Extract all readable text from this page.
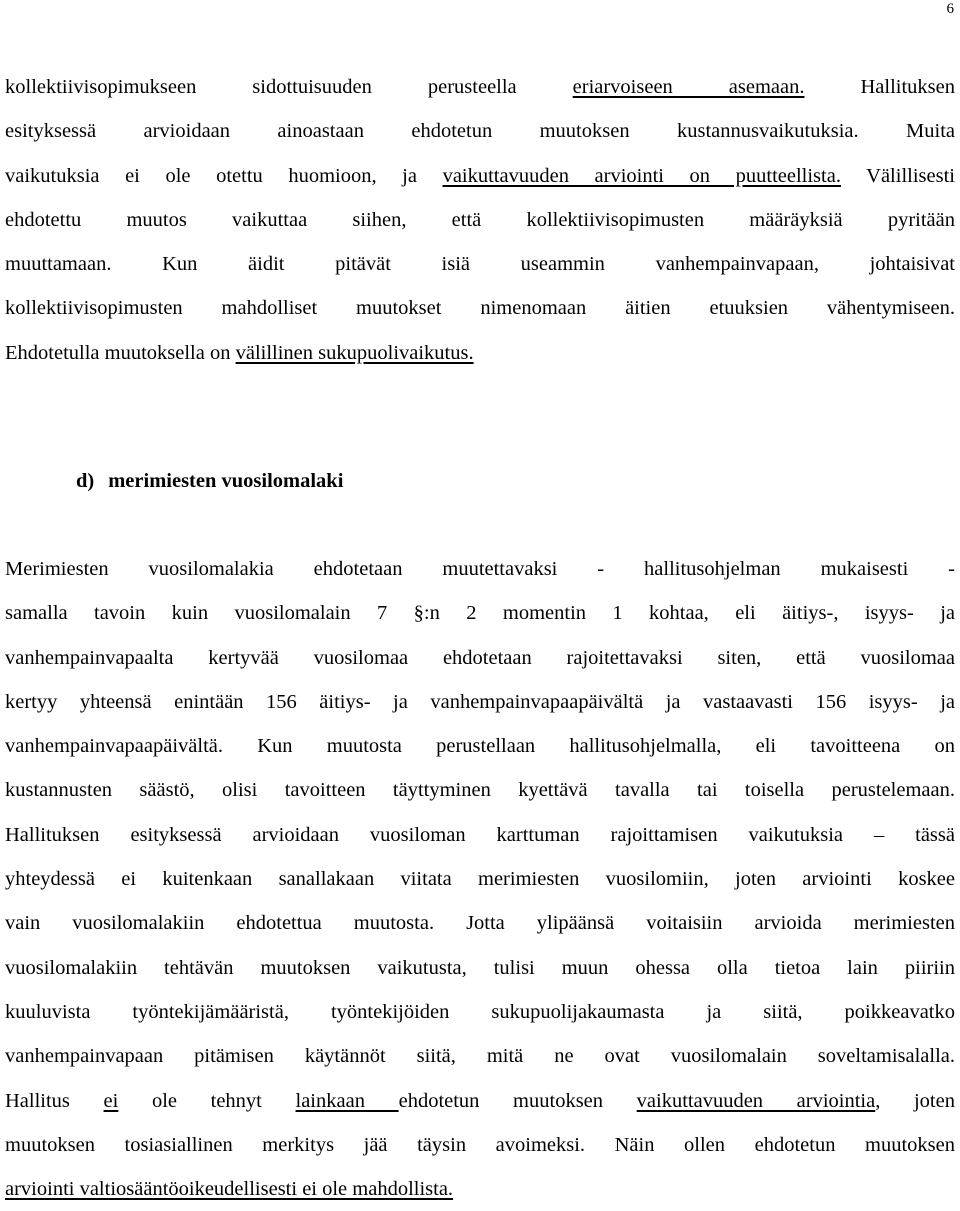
6
kollektiivisopimukseen sidottuisuuden perusteella eriarvoiseen asemaan. Hallituksen
esityksessä arvioidaan ainoastaan ehdotetun muutoksen kustannusvaikutuksia. Muita
vaikutuksia ei ole otettu huomioon, ja vaikuttavuuden arviointi on puutteellista. Välillisesti
ehdotettu muutos vaikuttaa siihen, että kollektiivisopimusten määräyksiä pyritään
muuttamaan. Kun äidit pitävät isiä useammin vanhempainvapaan, johtaisivat
kollektiivisopimusten mahdolliset muutokset nimenomaan äitien etuuksien vähentymiseen.
Ehdotetulla muutoksella on välillinen sukupuolivaikutus.
d) merimiesten vuosilomalaki
Merimiesten vuosilomalakia ehdotetaan muutettavaksi - hallitusohjelman mukaisesti -
samalla tavoin kuin vuosilomalain 7 §:n 2 momentin 1 kohtaa, eli äitiys-, isyys- ja
vanhempainvapaalta kertyvää vuosilomaa ehdotetaan rajoitettavaksi siten, että vuosilomaa
kertyy yhteensä enintään 156 äitiys- ja vanhempainvapaapäivältä ja vastaavasti 156 isyys- ja
vanhempainvapaapäivältä. Kun muutosta perustellaan hallitusohjelmalla, eli tavoitteena on
kustannusten säästö, olisi tavoitteen täyttyminen kyettävä tavalla tai toisella perustelemaan.
Hallituksen esityksessä arvioidaan vuosiloman karttuman rajoittamisen vaikutuksia – tässä
yhteydessä ei kuitenkaan sanallakaan viitata merimiesten vuosilomiin, joten arviointi koskee
vain vuosilomalakiin ehdotettua muutosta. Jotta ylipäänsä voitaisiin arvioida merimiesten
vuosilomalakiin tehtävän muutoksen vaikutusta, tulisi muun ohessa olla tietoa lain piiriin
kuuluvista työntekijämääristä, työntekijöiden sukupuolijakaumasta ja siitä, poikkeavatko
vanhempainvapaan pitämisen käytännöt siitä, mitä ne ovat vuosilomalain soveltamisalalla.
Hallitus ei ole tehnyt lainkaan ehdotetun muutoksen vaikuttavuuden arviointia, joten
muutoksen tosiasiallinen merkitys jää täysin avoimeksi. Näin ollen ehdotetun muutoksen
arviointi valtiosääntöoikeudellisesti ei ole mahdollista.
